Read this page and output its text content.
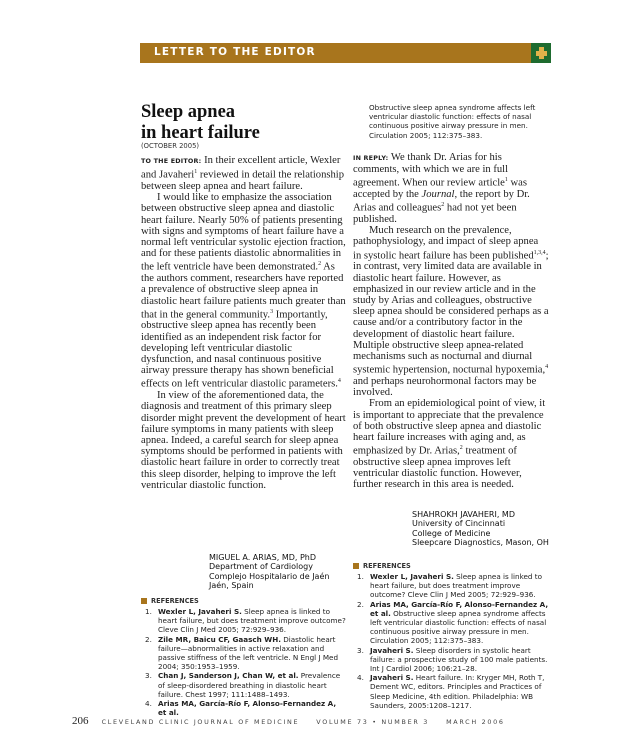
LETTER TO THE EDITOR
Sleep apnea
in heart failure
(OCTOBER 2005)

TO THE EDITOR: In their excellent article, Wexler and Javaheri$^1$ reviewed in detail the relationship between sleep apnea and heart failure.

I would like to emphasize the association between obstructive sleep apnea and diastolic heart failure. Nearly 50% of patients presenting with signs and symptoms of heart failure have a normal left ventricular systolic ejection fraction, and for these patients diastolic abnormalities in the left ventricle have been demonstrated.$^2$ As the authors comment, researchers have reported a prevalence of obstructive sleep apnea in diastolic heart failure patients much greater than that in the general community.$^3$ Importantly, obstructive sleep apnea has recently been identified as an independent risk factor for developing left ventricular diastolic dysfunction, and nasal continuous positive airway pressure therapy has shown beneficial effects on left ventricular diastolic parameters.$^4$

In view of the aforementioned data, the diagnosis and treatment of this primary sleep disorder might prevent the development of heart failure symptoms in many patients with sleep apnea. Indeed, a careful search for sleep apnea symptoms should be performed in patients with diastolic heart failure in order to correctly treat this sleep disorder, helping to improve the left ventricular diastolic function.

MIGUEL A. ARIAS, MD, PhD
Department of Cardiology
Complejo Hospitalario de Jaén
Jaén, Spain
REFERENCES
1. Wexler L, Javaheri S. Sleep apnea is linked to heart failure, but does treatment improve outcome? Cleve Clin J Med 2005; 72:929–936.
2. Zile MR, Baicu CF, Gaasch WH. Diastolic heart failure—abnormalities in active relaxation and passive stiffness of the left ventricle. N Engl J Med 2004; 350:1953–1959.
3. Chan J, Sanderson J, Chan W, et al. Prevalence of sleep-disordered breathing in diastolic heart failure. Chest 1997; 111:1488–1493.
4. Arias MA, García-Río F, Alonso-Fernandez A, et al.
Obstructive sleep apnea syndrome affects left ventricular diastolic function: effects of nasal continuous positive airway pressure in men. Circulation 2005; 112:375–383.

IN REPLY: We thank Dr. Arias for his comments, with which we are in full agreement. When our review article$^1$ was accepted by the Journal, the report by Dr. Arias and colleagues$^2$ had not yet been published.

Much research on the prevalence, pathophysiology, and impact of sleep apnea in systolic heart failure has been published$^{1,3,4}$; in contrast, very limited data are available in diastolic heart failure. However, as emphasized in our review article and in the study by Arias and colleagues, obstructive sleep apnea should be considered perhaps as a cause and/or a contributory factor in the development of diastolic heart failure. Multiple obstructive sleep apnea-related mechanisms such as nocturnal and diurnal systemic hypertension, nocturnal hypoxemia,$^4$ and perhaps neurohormonal factors may be involved.

From an epidemiological point of view, it is important to appreciate that the prevalence of both obstructive sleep apnea and diastolic heart failure increases with aging and, as emphasized by Dr. Arias,$^2$ treatment of obstructive sleep apnea improves left ventricular diastolic function. However, further research in this area is needed.

SHAHROKH JAVAHERI, MD
University of Cincinnati
College of Medicine
Sleepcare Diagnostics, Mason, OH
REFERENCES
1. Wexler L, Javaheri S. Sleep apnea is linked to heart failure, but does treatment improve outcome? Cleve Clin J Med 2005; 72:929–936.
2. Arias MA, García-Río F, Alonso-Fernandez A, et al. Obstructive sleep apnea syndrome affects left ventricular diastolic function: effects of nasal continuous positive airway pressure in men. Circulation 2005; 112:375–383.
3. Javaheri S. Sleep disorders in systolic heart failure: a prospective study of 100 male patients. Int J Cardiol 2006; 106:21–28.
4. Javaheri S. Heart failure. In: Kryger MH, Roth T, Dement WC, editors. Principles and Practices of Sleep Medicine, 4th edition. Philadelphia: WB Saunders, 2005:1208–1217.
206 CLEVELAND CLINIC JOURNAL OF MEDICINE	VOLUME 73 • NUMBER 3	MARCH 2006
